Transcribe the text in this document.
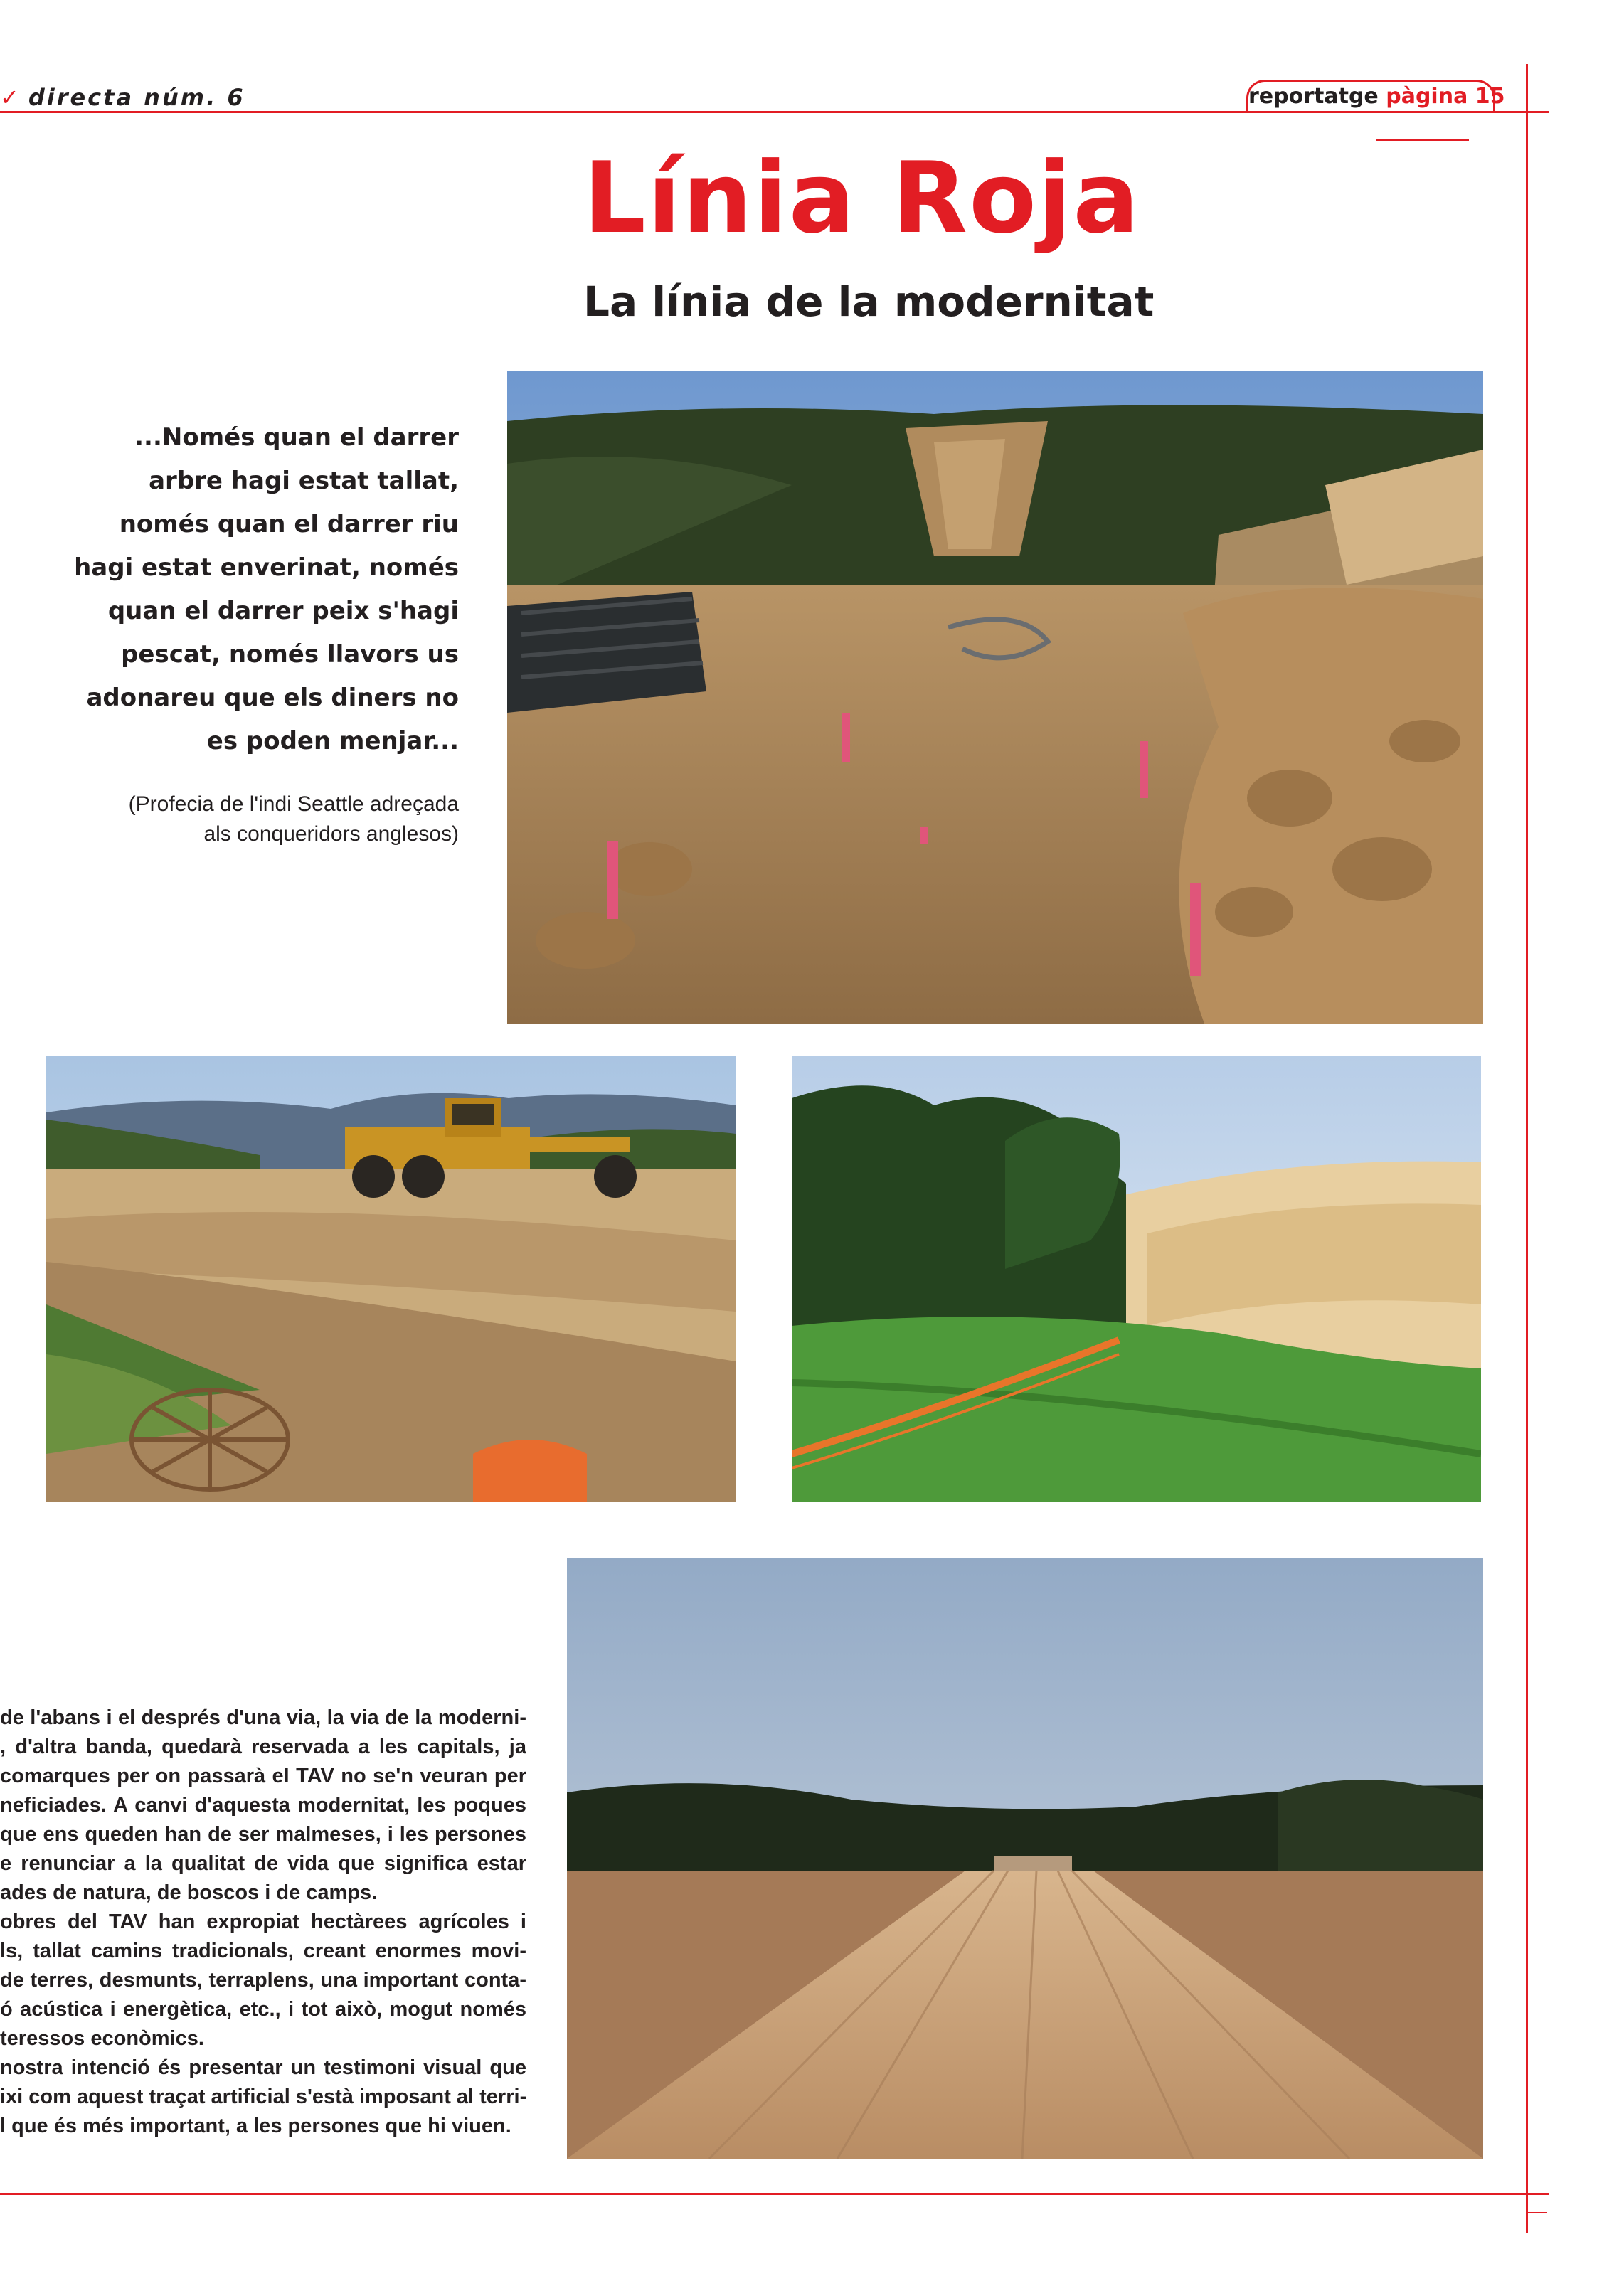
✓ directa núm. 6	reportatge pàgina 15
Línia Roja
La línia de la modernitat
...Només quan el darrer
arbre hagi estat tallat,
només quan el darrer riu
hagi estat enverinat, només
quan el darrer peix s'hagi
pescat, només llavors us
adonareu que els diners no
es poden menjar...
(Profecia de l'indi Seattle adreçada
als conqueridors anglesos)
de l'abans i el després d'una via, la via de la moderni-
, d'altra banda, quedarà reservada a les capitals, ja
comarques per on passarà el TAV no se'n veuran per
neficiades. A canvi d'aquesta modernitat, les poques
que ens queden han de ser malmeses, i les persones
e renunciar a la qualitat de vida que significa estar
ades de natura, de boscos i de camps.
obres del TAV han expropiat hectàrees agrícoles i
ls, tallat camins tradicionals, creant enormes movi-
de terres, desmunts, terraplens, una important conta-
ó acústica i energètica, etc., i tot això, mogut només
teressos econòmics.
nostra intenció és presentar un testimoni visual que
ixi com aquest traçat artificial s'està imposant al terri-
l que és més important, a les persones que hi viuen.
